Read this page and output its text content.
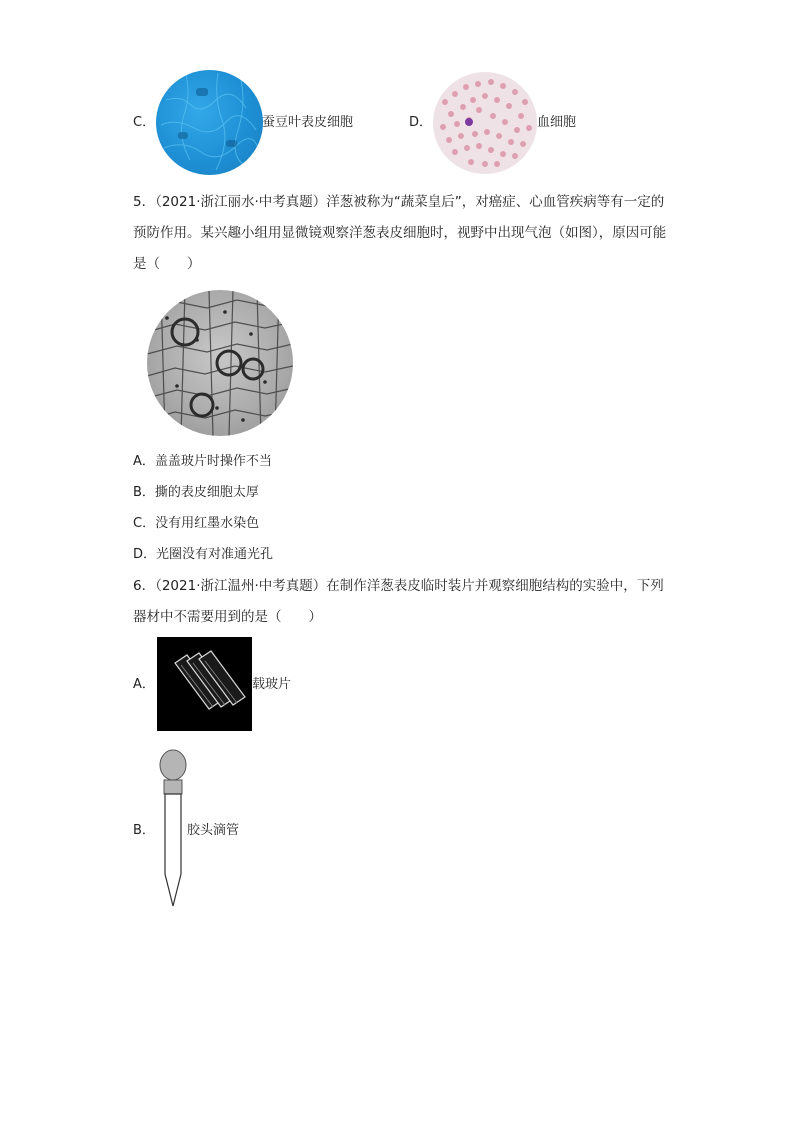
C．	蚕豆叶表皮细胞	D．	血细胞
5．（2021·浙江丽水·中考真题）洋葱被称为“蔬菜皇后”，对癌症、心血管疾病等有一定的预防作用。某兴趣小组用显微镜观察洋葱表皮细胞时，视野中出现气泡（如图），原因可能是（　　）
A．盖盖玻片时操作不当
B．撕的表皮细胞太厚
C．没有用红墨水染色
D．光圈没有对准通光孔
6．（2021·浙江温州·中考真题）在制作洋葱表皮临时装片并观察细胞结构的实验中，下列器材中不需要用到的是（　　）
A．	载玻片
B． 胶头滴管
